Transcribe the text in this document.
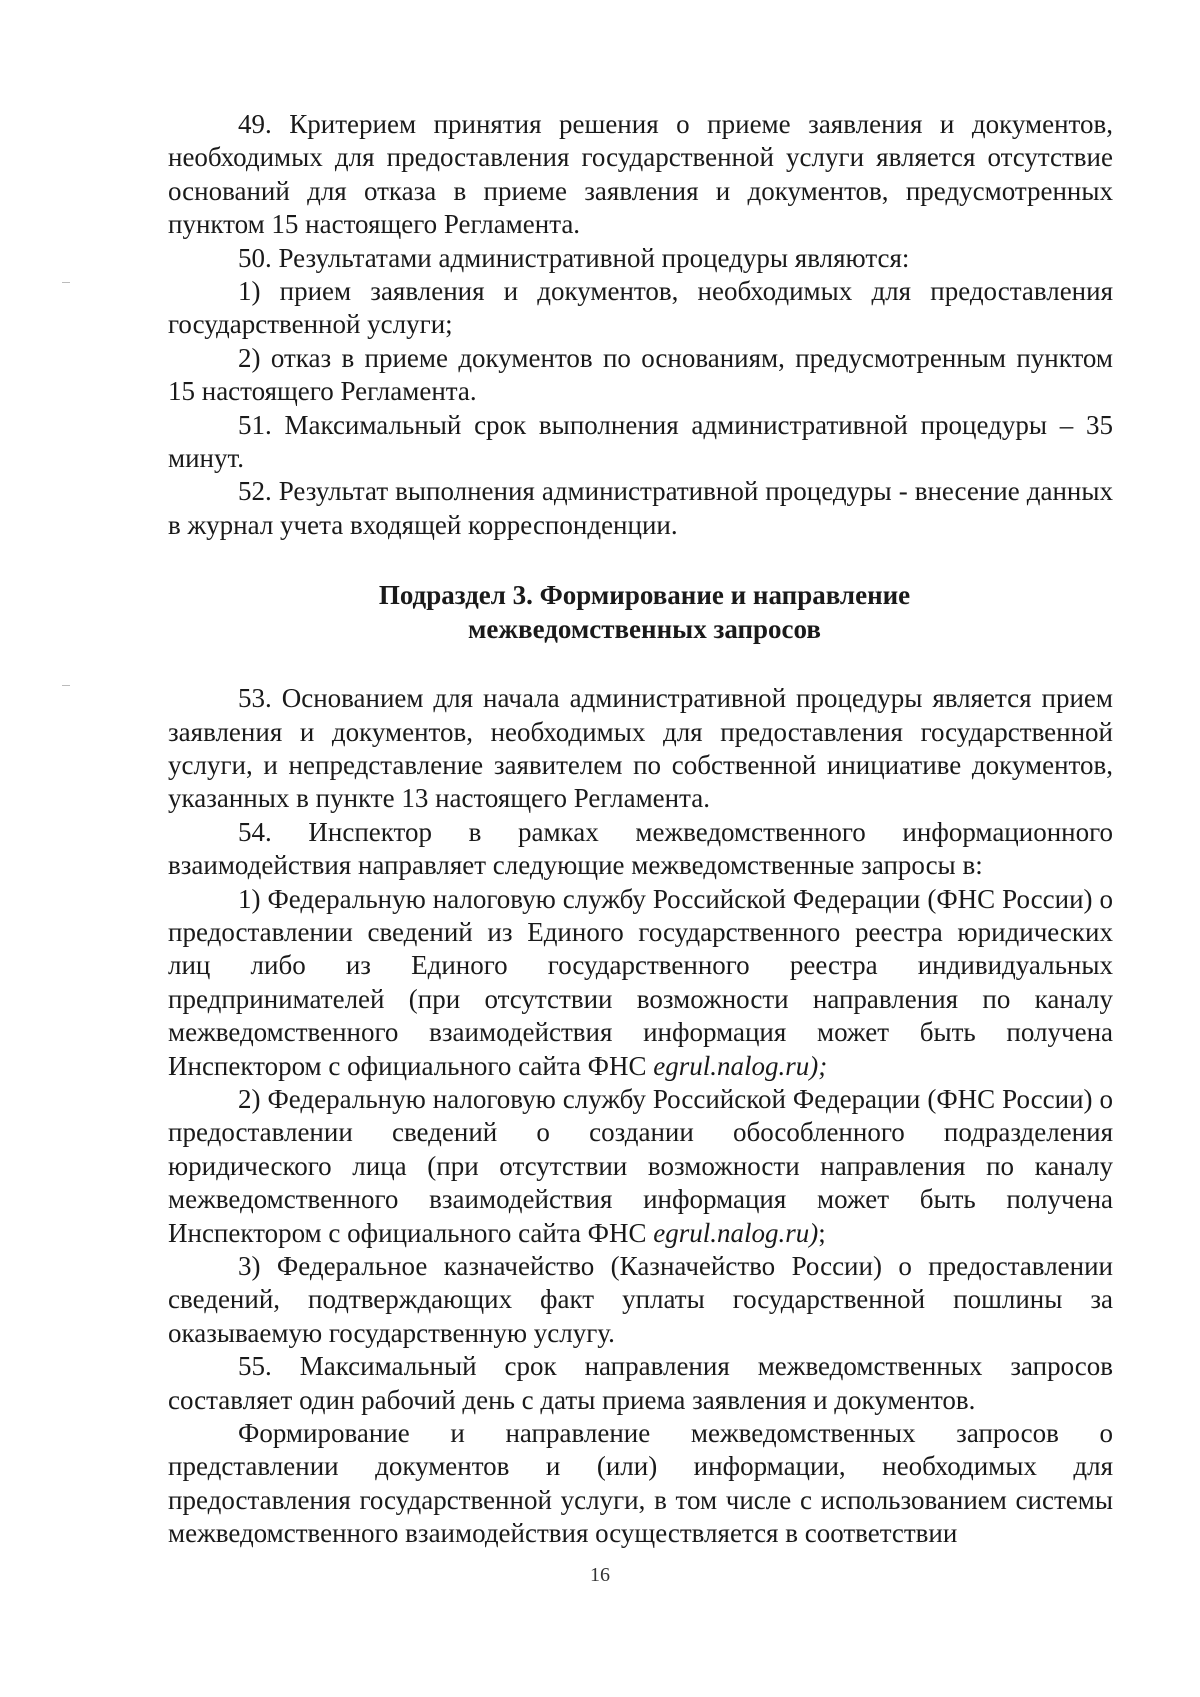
49. Критерием принятия решения о приеме заявления и документов, необходимых для предоставления государственной услуги является отсутствие оснований для отказа в приеме заявления и документов, предусмотренных пунктом 15 настоящего Регламента.

50. Результатами административной процедуры являются:

1) прием заявления и документов, необходимых для предоставления государственной услуги;

2) отказ в приеме документов по основаниям, предусмотренным пунктом 15 настоящего Регламента.

51. Максимальный срок выполнения административной процедуры – 35 минут.

52. Результат выполнения административной процедуры - внесение данных в журнал учета входящей корреспонденции.

Подраздел 3. Формирование и направление
межведомственных запросов

53. Основанием для начала административной процедуры является прием заявления и документов, необходимых для предоставления государственной услуги, и непредставление заявителем по собственной инициативе документов, указанных в пункте 13 настоящего Регламента.

54. Инспектор в рамках межведомственного информационного взаимодействия направляет следующие межведомственные запросы в:

1) Федеральную налоговую службу Российской Федерации (ФНС России) о предоставлении сведений из Единого государственного реестра юридических лиц либо из Единого государственного реестра индивидуальных предпринимателей (при отсутствии возможности направления по каналу межведомственного взаимодействия информация может быть получена Инспектором с официального сайта ФНС egrul.nalog.ru);

2) Федеральную налоговую службу Российской Федерации (ФНС России) о предоставлении сведений о создании обособленного подразделения юридического лица (при отсутствии возможности направления по каналу межведомственного взаимодействия информация может быть получена Инспектором с официального сайта ФНС egrul.nalog.ru);

3) Федеральное казначейство (Казначейство России) о предоставлении сведений, подтверждающих факт уплаты государственной пошлины за оказываемую государственную услугу.

55. Максимальный срок направления межведомственных запросов составляет один рабочий день с даты приема заявления и документов.

Формирование и направление межведомственных запросов о представлении документов и (или) информации, необходимых для предоставления государственной услуги, в том числе с использованием системы межведомственного взаимодействия осуществляется в соответствии

16
